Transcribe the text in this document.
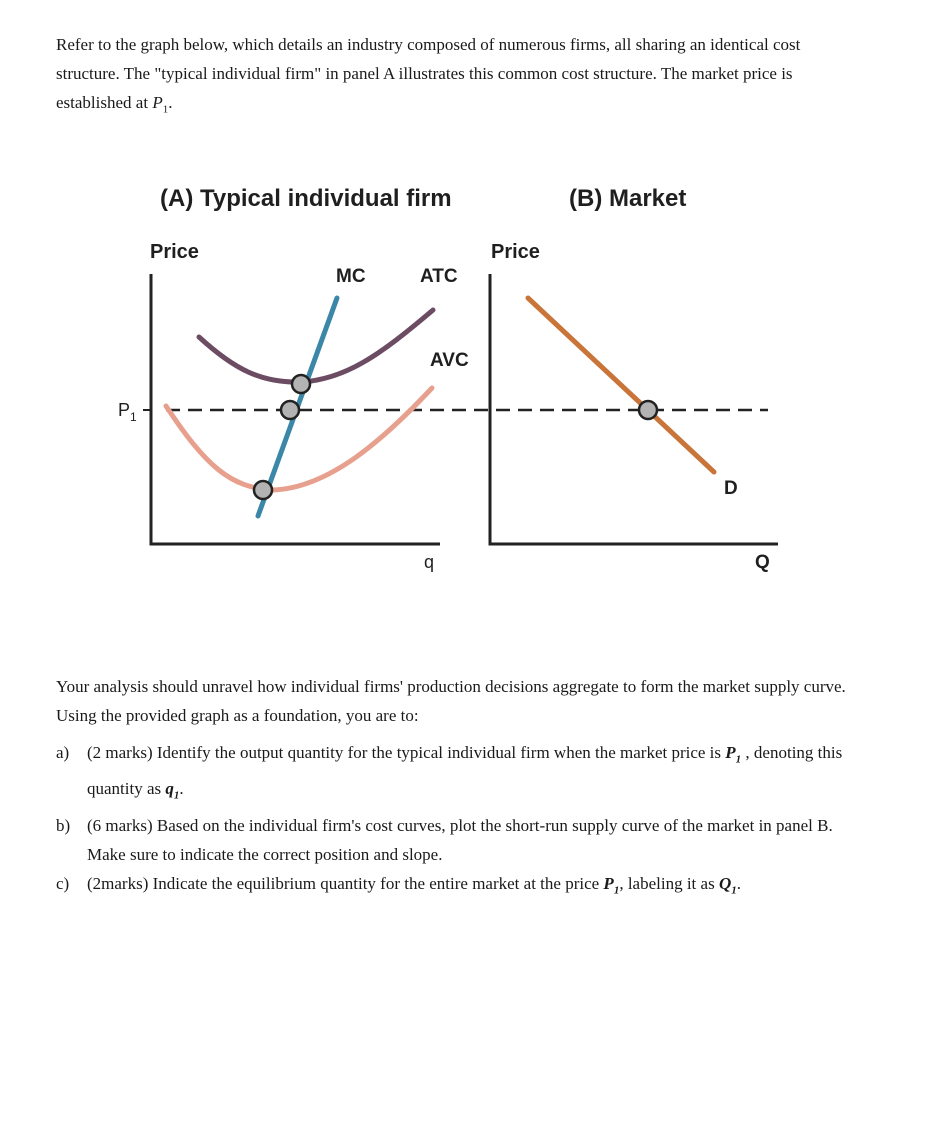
Refer to the graph below, which details an industry composed of numerous firms, all sharing an identical cost structure. The "typical individual firm" in panel A illustrates this common cost structure. The market price is established at $P_1$.

(A) Typical individual firm	(B) Market
Price
q
$P_1$
Price
Q
MC	ATC
AVC
D

Your analysis should unravel how individual firms' production decisions aggregate to form the market supply curve. Using the provided graph as a foundation, you are to:

a) (2 marks) Identify the output quantity for the typical individual firm when the market price is $P_1$ , denoting this quantity as $q_1$.
b) (6 marks) Based on the individual firm's cost curves, plot the short-run supply curve of the market in panel B. Make sure to indicate the correct position and slope.
c) (2marks) Indicate the equilibrium quantity for the entire market at the price $P_1$, labeling it as $Q_1$.
